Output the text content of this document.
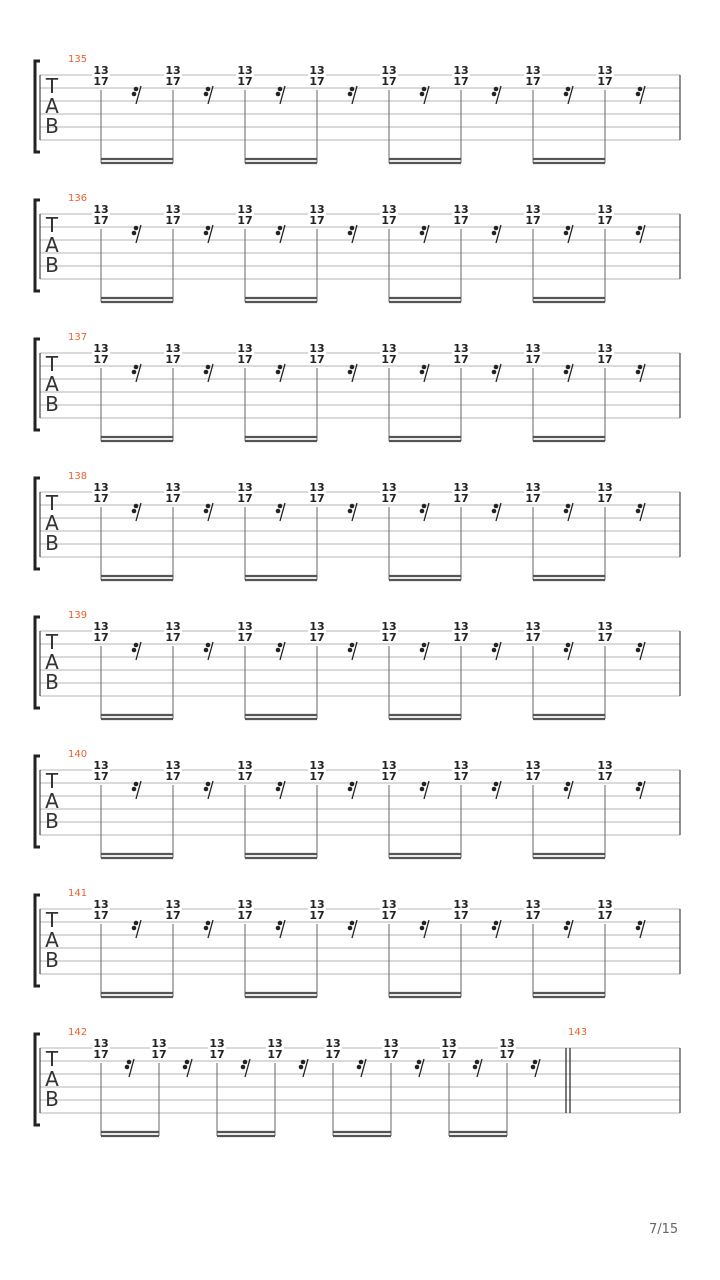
T
A
B
135
13
17
13
17
13
17
13
17
13
17
13
17
13
17
13
17
T
A
B
136
13
17
13
17
13
17
13
17
13
17
13
17
13
17
13
17
T
A
B
137
13
17
13
17
13
17
13
17
13
17
13
17
13
17
13
17
T
A
B
138
13
17
13
17
13
17
13
17
13
17
13
17
13
17
13
17
T
A
B
139
13
17
13
17
13
17
13
17
13
17
13
17
13
17
13
17
T
A
B
140
13
17
13
17
13
17
13
17
13
17
13
17
13
17
13
17
T
A
B
141
13
17
13
17
13
17
13
17
13
17
13
17
13
17
13
17
T
A
B
142
13
17
13
17
13
17
13
17
13
17
13
17
13
17
13
17
143
7/15
